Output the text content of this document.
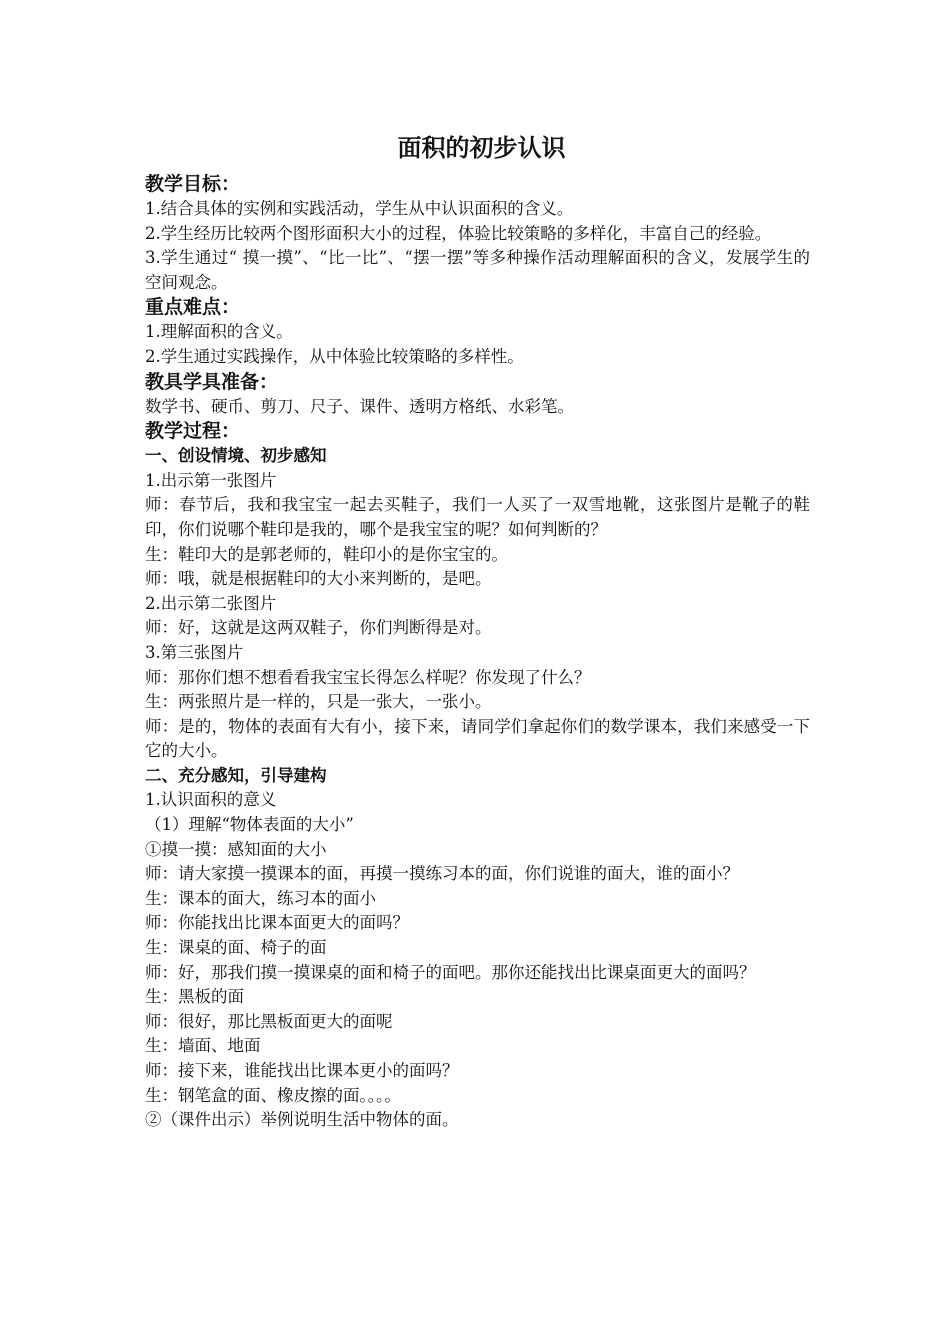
面积的初步认识
教学目标：

1.结合具体的实例和实践活动，学生从中认识面积的含义。

2.学生经历比较两个图形面积大小的过程，体验比较策略的多样化，丰富自己的经验。

3.学生通过“ 摸一摸”、“比一比”、“摆一摆”等多种操作活动理解面积的含义，发展学生的空间观念。

重点难点：

1.理解面积的含义。

2.学生通过实践操作，从中体验比较策略的多样性。

教具学具准备：

数学书、硬币、剪刀、尺子、课件、透明方格纸、水彩笔。

教学过程：
一、创设情境、初步感知

1.出示第一张图片

师：春节后，我和我宝宝一起去买鞋子，我们一人买了一双雪地靴，这张图片是靴子的鞋印，你们说哪个鞋印是我的，哪个是我宝宝的呢？如何判断的？

生：鞋印大的是郭老师的，鞋印小的是你宝宝的。

师：哦，就是根据鞋印的大小来判断的，是吧。

2.出示第二张图片

师：好，这就是这两双鞋子，你们判断得是对。

3.第三张图片

师：那你们想不想看看我宝宝长得怎么样呢？你发现了什么？

生：两张照片是一样的，只是一张大，一张小。

师：是的，物体的表面有大有小，接下来，请同学们拿起你们的数学课本，我们来感受一下它的大小。

二、充分感知，引导建构

1.认识面积的意义

（1）理解“物体表面的大小”

①摸一摸：感知面的大小

师：请大家摸一摸课本的面，再摸一摸练习本的面，你们说谁的面大，谁的面小？

生：课本的面大，练习本的面小

师：你能找出比课本面更大的面吗？

生：课桌的面、椅子的面

师：好，那我们摸一摸课桌的面和椅子的面吧。那你还能找出比课桌面更大的面吗？

生：黑板的面

师：很好，那比黑板面更大的面呢

生：墙面、地面

师：接下来，谁能找出比课本更小的面吗？

生：钢笔盒的面、橡皮擦的面。。。。

②（课件出示）举例说明生活中物体的面。
